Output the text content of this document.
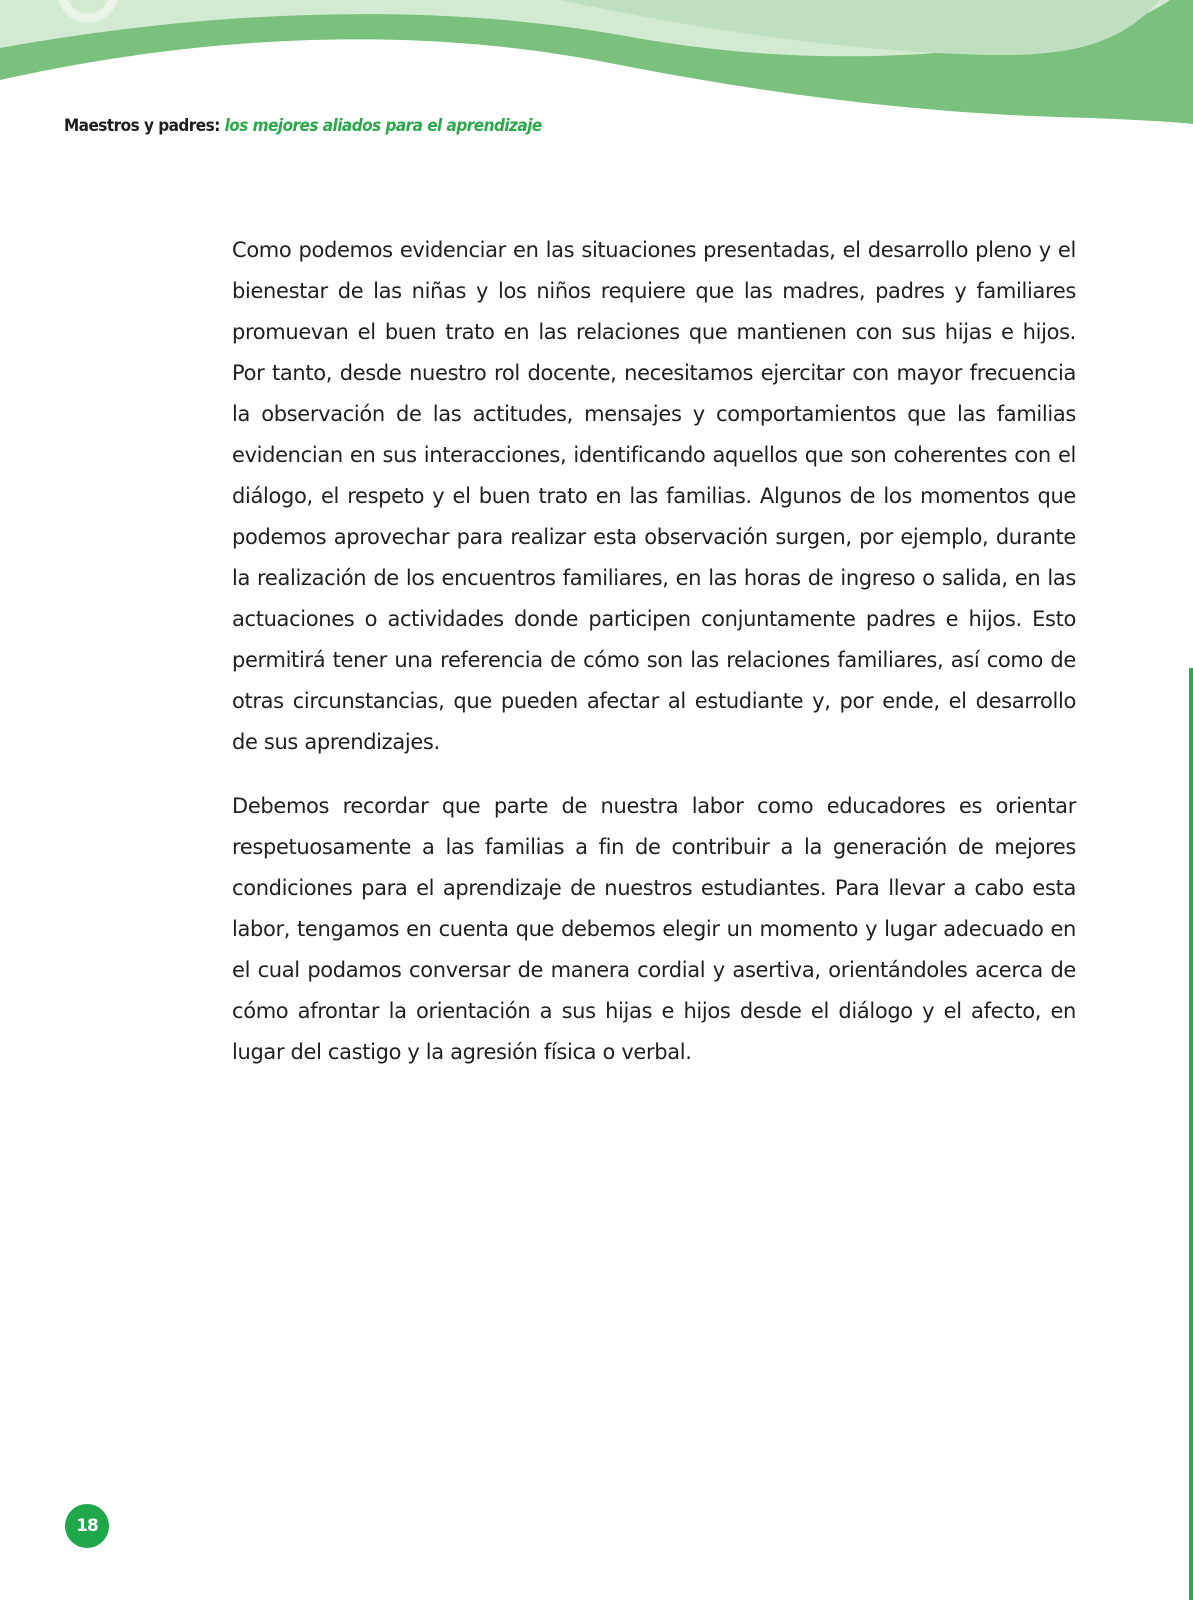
Maestros y padres: los mejores aliados para el aprendizaje

Como podemos evidenciar en las situaciones presentadas, el desarrollo pleno y el bienestar de las niñas y los niños requiere que las madres, padres y familiares promuevan el buen trato en las relaciones que mantienen con sus hijas e hijos. Por tanto, desde nuestro rol docente, necesitamos ejercitar con mayor frecuencia la observación de las actitudes, mensajes y comportamientos que las familias evidencian en sus interacciones, identificando aquellos que son coherentes con el diálogo, el respeto y el buen trato en las familias. Algunos de los momentos que podemos aprovechar para realizar esta observación surgen, por ejemplo, durante la realización de los encuentros familiares, en las horas de ingreso o salida, en las actuaciones o actividades donde participen conjuntamente padres e hijos. Esto permitirá tener una referencia de cómo son las relaciones familiares, así como de otras circunstancias, que pueden afectar al estudiante y, por ende, el desarrollo de sus aprendizajes.

Debemos recordar que parte de nuestra labor como educadores es orientar respetuosamente a las familias a fin de contribuir a la generación de mejores condiciones para el aprendizaje de nuestros estudiantes. Para llevar a cabo esta labor, tengamos en cuenta que debemos elegir un momento y lugar adecuado en el cual podamos conversar de manera cordial y asertiva, orientándoles acerca de cómo afrontar la orientación a sus hijas e hijos desde el diálogo y el afecto, en lugar del castigo y la agresión física o verbal.

18
